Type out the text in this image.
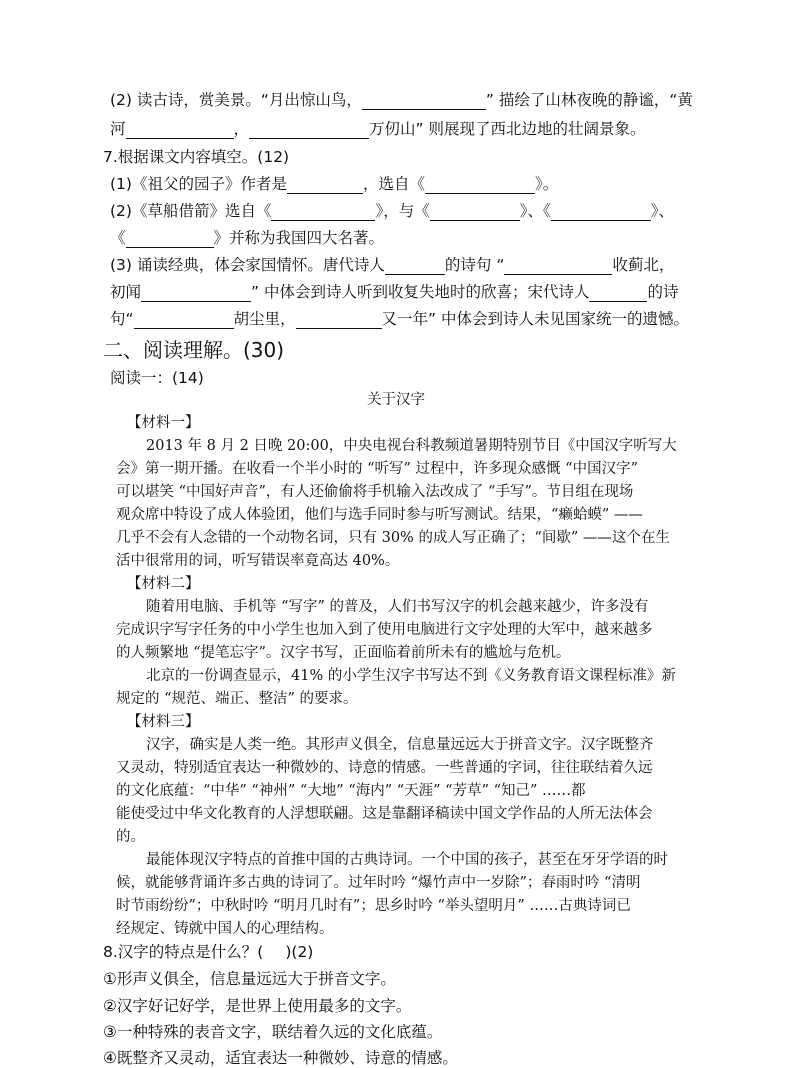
(2) 读古诗，赏美景。“月出惊山鸟，	” 描绘了山林夜晚的静谧，“黄
河	，	万仞山” 则展现了西北边地的壮阔景象。
7.根据课文内容填空。(12)
(1)《祖父的园子》作者是	，选自《	》。
(2)《草船借箭》选自《	》，与《	》、《	》、
《	》并称为我国四大名著。
(3) 诵读经典，体会家国情怀。唐代诗人	的诗句 “	收蓟北，
初闻	” 中体会到诗人听到收复失地时的欣喜；宋代诗人	的诗
句“	胡尘里，	又一年” 中体会到诗人未见国家统一的遗憾。
二、阅读理解。(30)
阅读一：(14)
关于汉字
【材料一】
2013 年 8 月 2 日晚 20:00，中央电视台科教频道暑期特别节目《中国汉字听写大
会》第一期开播。在收看一个半小时的 “听写” 过程中，许多现众感慨 “中国汉字”
可以堪笑 “中国好声音”，有人还偷偷将手机输入法改成了 “手写”。节目组在现场
观众席中特设了成人体验团，他们与选手同时参与听写测试。结果，“癞蛤蟆” ——
几乎不会有人念错的一个动物名词，只有 30% 的成人写正确了；“间歇” ——这个在生
活中很常用的词，听写错误率竟高达 40%。
【材料二】
随着用电脑、手机等 “写字” 的普及，人们书写汉字的机会越来越少，许多没有
完成识字写字任务的中小学生也加入到了使用电脑进行文字处理的大军中，越来越多
的人频繁地 “提笔忘字”。汉字书写，正面临着前所未有的尴尬与危机。
北京的一份调查显示，41% 的小学生汉字书写达不到《义务教育语文课程标准》新
规定的 “规范、端正、整洁” 的要求。
【材料三】
汉字，确实是人类一绝。其形声义俱全，信息量远远大于拼音文字。汉字既整齐
又灵动，特别适宜表达一种微妙的、诗意的情感。一些普通的字词，往往联结着久远
的文化底蕴：“中华” “神州” “大地” “海内” “天涯” “芳草” “知己” ……都
能使受过中华文化教育的人浮想联翩。这是靠翻译稿读中国文学作品的人所无法体会
的。
最能体现汉字特点的首推中国的古典诗词。一个中国的孩子，甚至在牙牙学语的时
候，就能够背诵许多古典的诗词了。过年时吟 “爆竹声中一岁除”；春雨时吟 “清明
时节雨纷纷”；中秋时吟 “明月几时有”；思乡时吟 “举头望明月” ……古典诗词已
经规定、铸就中国人的心理结构。
8.汉字的特点是什么？( )(2)
①形声义俱全，信息量远远大于拼音文字。
②汉字好记好学，是世界上使用最多的文字。
③一种特殊的表音文字，联结着久远的文化底蕴。
④既整齐又灵动，适宜表达一种微妙、诗意的情感。
